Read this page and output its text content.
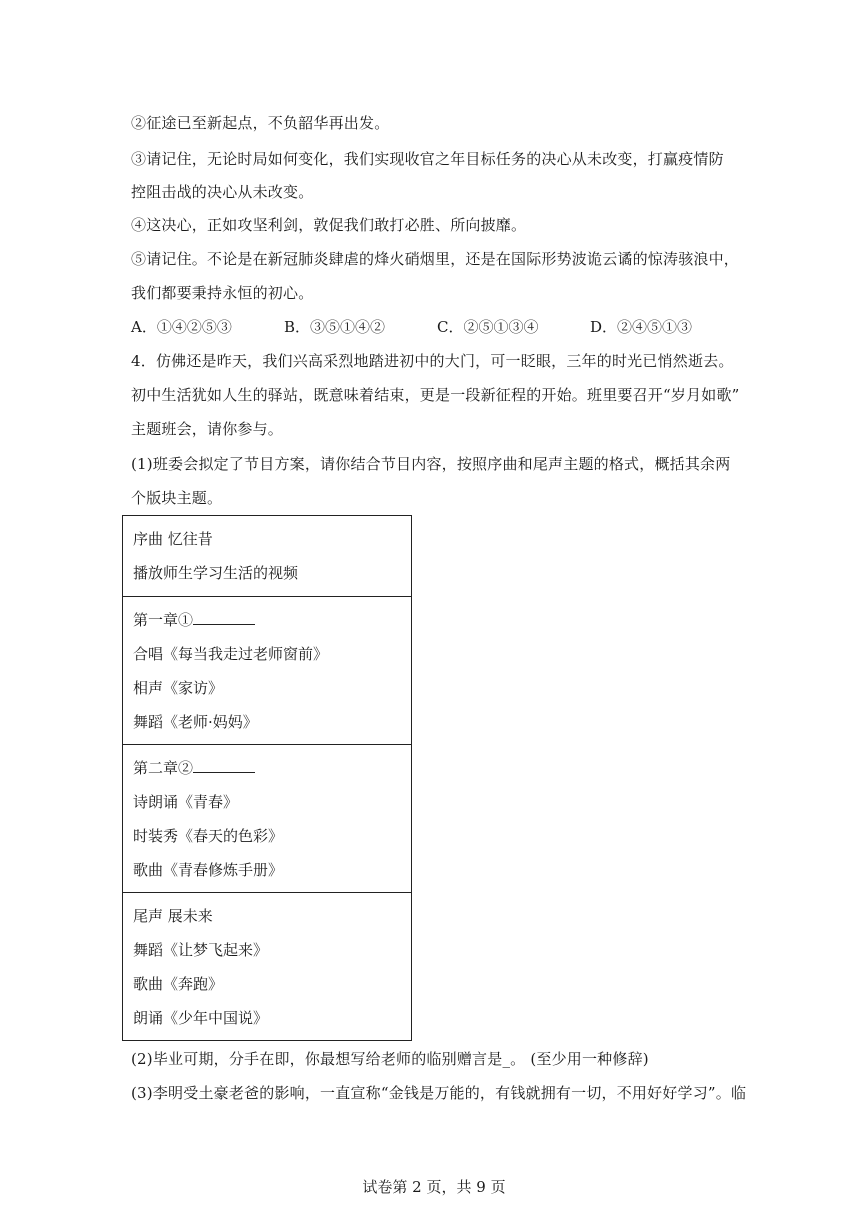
②征途已至新起点，不负韶华再出发。
③请记住，无论时局如何变化，我们实现收官之年目标任务的决心从未改变，打赢疫情防
控阻击战的决心从未改变。
④这决心，正如攻坚利剑，敦促我们敢打必胜、所向披靡。
⑤请记住。不论是在新冠肺炎肆虐的烽火硝烟里，还是在国际形势波诡云谲的惊涛骇浪中，
我们都要秉持永恒的初心。
A．①④②⑤③	B．③⑤①④②	C．②⑤①③④	D．②④⑤①③
4．仿佛还是昨天，我们兴高采烈地踏进初中的大门，可一眨眼，三年的时光已悄然逝去。
初中生活犹如人生的驿站，既意味着结束，更是一段新征程的开始。班里要召开“岁月如歌”
主题班会，请你参与。
(1)班委会拟定了节目方案，请你结合节目内容，按照序曲和尾声主题的格式，概括其余两
个版块主题。
序曲 忆往昔
播放师生学习生活的视频
第一章①
合唱《每当我走过老师窗前》
相声《家访》
舞蹈《老师·妈妈》
第二章②
诗朗诵《青春》
时装秀《春天的色彩》
歌曲《青春修炼手册》
尾声 展未来
舞蹈《让梦飞起来》
歌曲《奔跑》
朗诵《少年中国说》
(2)毕业可期，分手在即，你最想写给老师的临别赠言是_。 (至少用一种修辞)
(3)李明受土豪老爸的影响，一直宣称“金钱是万能的，有钱就拥有一切，不用好好学习”。临
试卷第 2 页，共 9 页
